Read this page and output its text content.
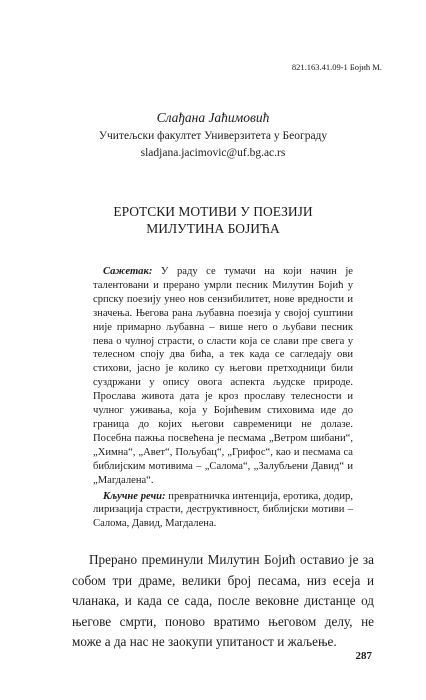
821.163.41.09-1 Бојић М.
Слађана Јаћимовић
Учитељски факултет Универзитета у Београду
sladjana.jacimovic@uf.bg.ac.rs
ЕРОТСКИ МОТИВИ У ПОЕЗИЈИ
МИЛУТИНА БОЈИЋА

Сажетак: У раду се тумачи на који начин је талентовани и прерано умрли песник Милутин Бојић у српску поезију унео нов сензибилитет, нове вредности и значења. Његова рана љубавна поезија у својој суштини није примарно љубавна – више него о љубави песник пева о чулној страсти, о сласти која се слави пре свега у телесном споју два бића, а тек када се сагледају ови стихови, јасно је колико су његови претходници били суздржани у опису овога аспекта људске природе. Прослава живота дата је кроз прославу телесности и чулног уживања, која у Бојићевим стиховима иде до граница до којих његови савременици не долазе. Посебна пажња посвећена је песмама „Ветром шибани“, „Химна“, „Авет“, Пољубац“, „Грифос“, као и песмама са библијским мотивима – „Салома“, „Залубљени Давид“ и „Магдалена“.

Кључне речи: превратничка интенција, еротика, додир, лиризација страсти, деструктивност, библијски мотиви – Салома, Давид, Магдалена.

Прерано преминули Милутин Бојић оставио је за собом три драме, велики број песама, низ есеја и чланака, и када се сада, после вековне дистанце од његове смрти, поново вратимо његовом делу, не може а да нас не заокупи упитаност и жаљење.

287
